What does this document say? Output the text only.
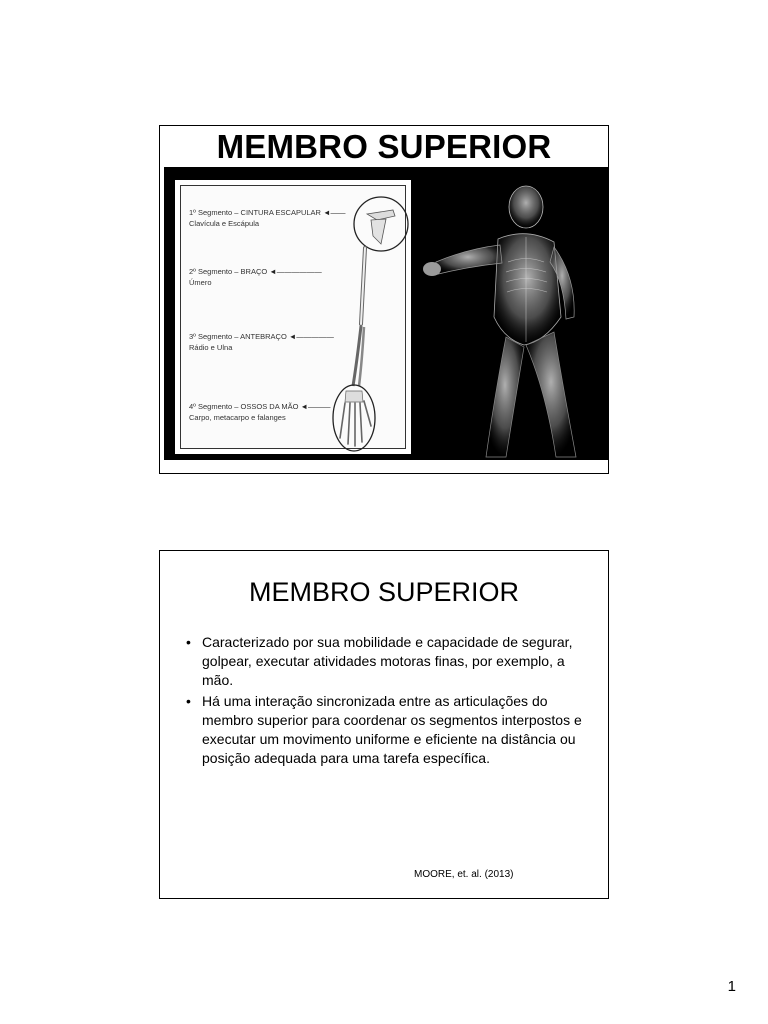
MEMBRO SUPERIOR
1º Segmento – CINTURA ESCAPULAR ◄——
Clavícula e Escápula
2º Segmento – BRAÇO ◄——————
Úmero
3º Segmento – ANTEBRAÇO ◄—————
Rádio e Ulna
4º Segmento – OSSOS DA MÃO ◄———
Carpo, metacarpo e falanges
MEMBRO SUPERIOR
• Caracterizado por sua mobilidade e capacidade de segurar, golpear, executar atividades motoras finas, por exemplo, a mão.
• Há uma interação sincronizada entre as articulações do membro superior para coordenar os segmentos interpostos e executar um movimento uniforme e eficiente na distância ou posição adequada para uma tarefa específica.
MOORE, et. al. (2013)
1
